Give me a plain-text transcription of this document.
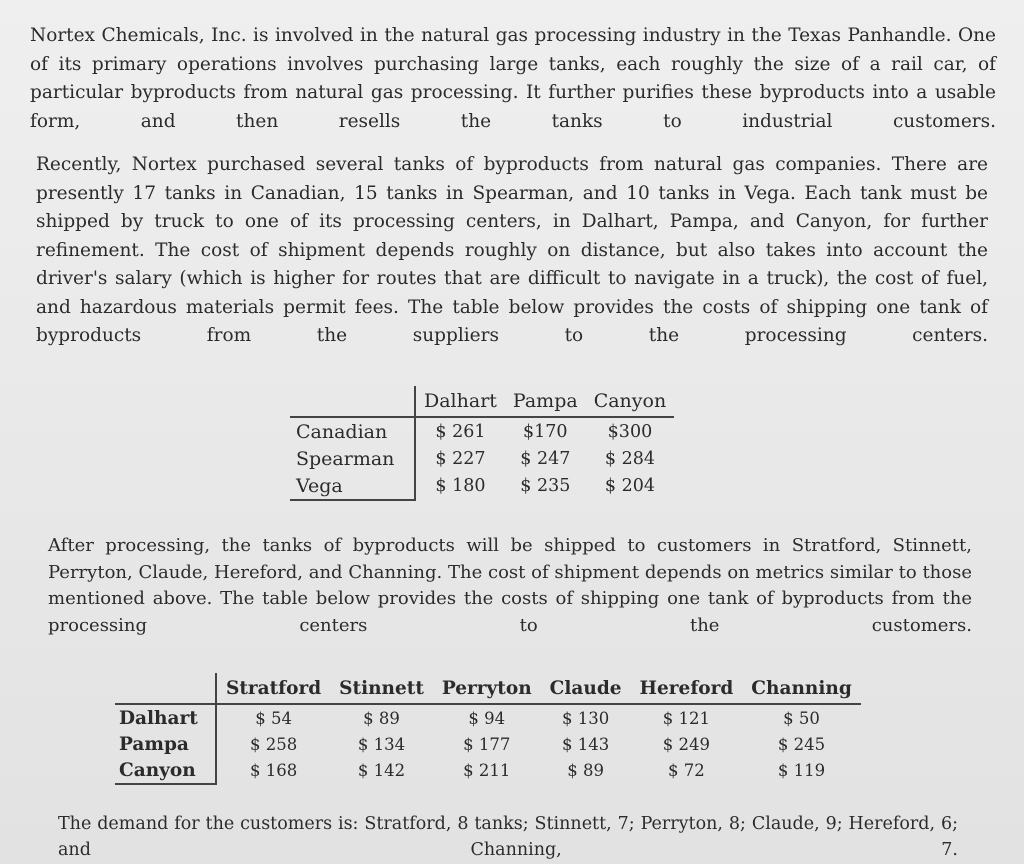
Nortex Chemicals, Inc. is involved in the natural gas processing industry in the Texas Panhandle. One of its primary operations involves purchasing large tanks, each roughly the size of a rail car, of particular byproducts from natural gas processing. It further purifies these byproducts into a usable form, and then resells the tanks to industrial customers.

Recently, Nortex purchased several tanks of byproducts from natural gas companies. There are presently 17 tanks in Canadian, 15 tanks in Spearman, and 10 tanks in Vega. Each tank must be shipped by truck to one of its processing centers, in Dalhart, Pampa, and Canyon, for further refinement. The cost of shipment depends roughly on distance, but also takes into account the driver's salary (which is higher for routes that are difficult to navigate in a truck), the cost of fuel, and hazardous materials permit fees. The table below provides the costs of shipping one tank of byproducts from the suppliers to the processing centers.

	Dalhart	Pampa	Canyon
Canadian	$ 261	$170	$300
Spearman	$ 227	$ 247	$ 284
Vega	$ 180	$ 235	$ 204

After processing, the tanks of byproducts will be shipped to customers in Stratford, Stinnett, Perryton, Claude, Hereford, and Channing. The cost of shipment depends on metrics similar to those mentioned above. The table below provides the costs of shipping one tank of byproducts from the processing centers to the customers.

	Stratford	Stinnett	Perryton	Claude	Hereford	Channing
Dalhart	$ 54	$ 89	$ 94	$ 130	$ 121	$ 50
Pampa	$ 258	$ 134	$ 177	$ 143	$ 249	$ 245
Canyon	$ 168	$ 142	$ 211	$ 89	$ 72	$ 119

The demand for the customers is: Stratford, 8 tanks; Stinnett, 7; Perryton, 8; Claude, 9; Hereford, 6; and Channing, 7.
